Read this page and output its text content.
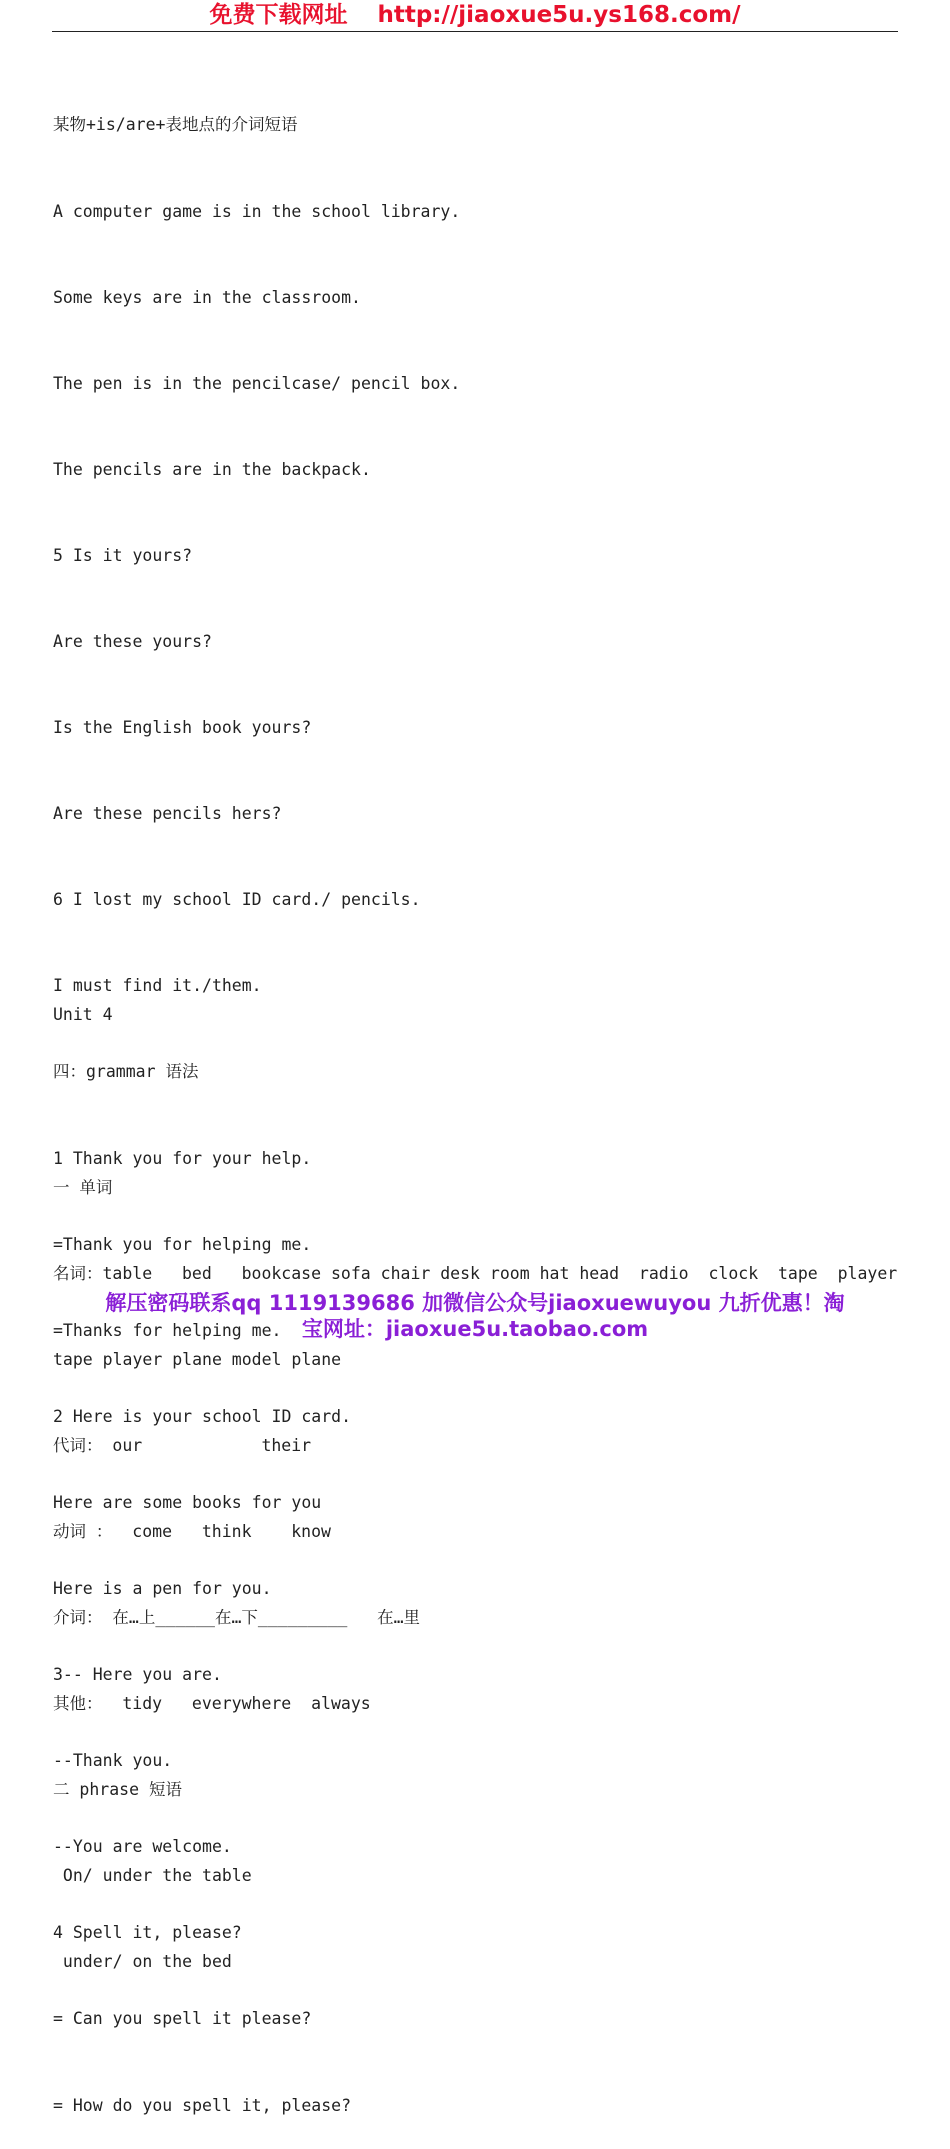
免费下载网址 http://jiaoxue5u.ys168.com/

某物+is/are+表地点的介词短语

A computer game is in the school library.

Some keys are in the classroom.

The pen is in the pencilcase/ pencil box.

The pencils are in the backpack.

5 Is it yours?

Are these yours?

Is the English book yours?

Are these pencils hers?

6 I lost my school ID card./ pencils.

I must find it./them.

四：grammar 语法

1 Thank you for your help.

=Thank you for helping me.

=Thanks for helping me.

2 Here is your school ID card.

Here are some books for you

Here is a pen for you.

3-- Here you are.

--Thank you.

--You are welcome.

4 Spell it, please?

= Can you spell it please?

= How do you spell it, please?

Unit 4

一 单词

名词：table   bed   bookcase sofa chair desk room hat head  radio  clock  tape  player

tape player plane model plane

代词： our            their

动词 ：  come   think    know

介词： 在…上______在…下_________   在…里

其他：  tidy   everywhere  always

二 phrase 短语

On/ under the table

under/ on the bed

解压密码联系qq 1119139686 加微信公众号jiaoxuewuyou 九折优惠！淘
宝网址：jiaoxue5u.taobao.com
